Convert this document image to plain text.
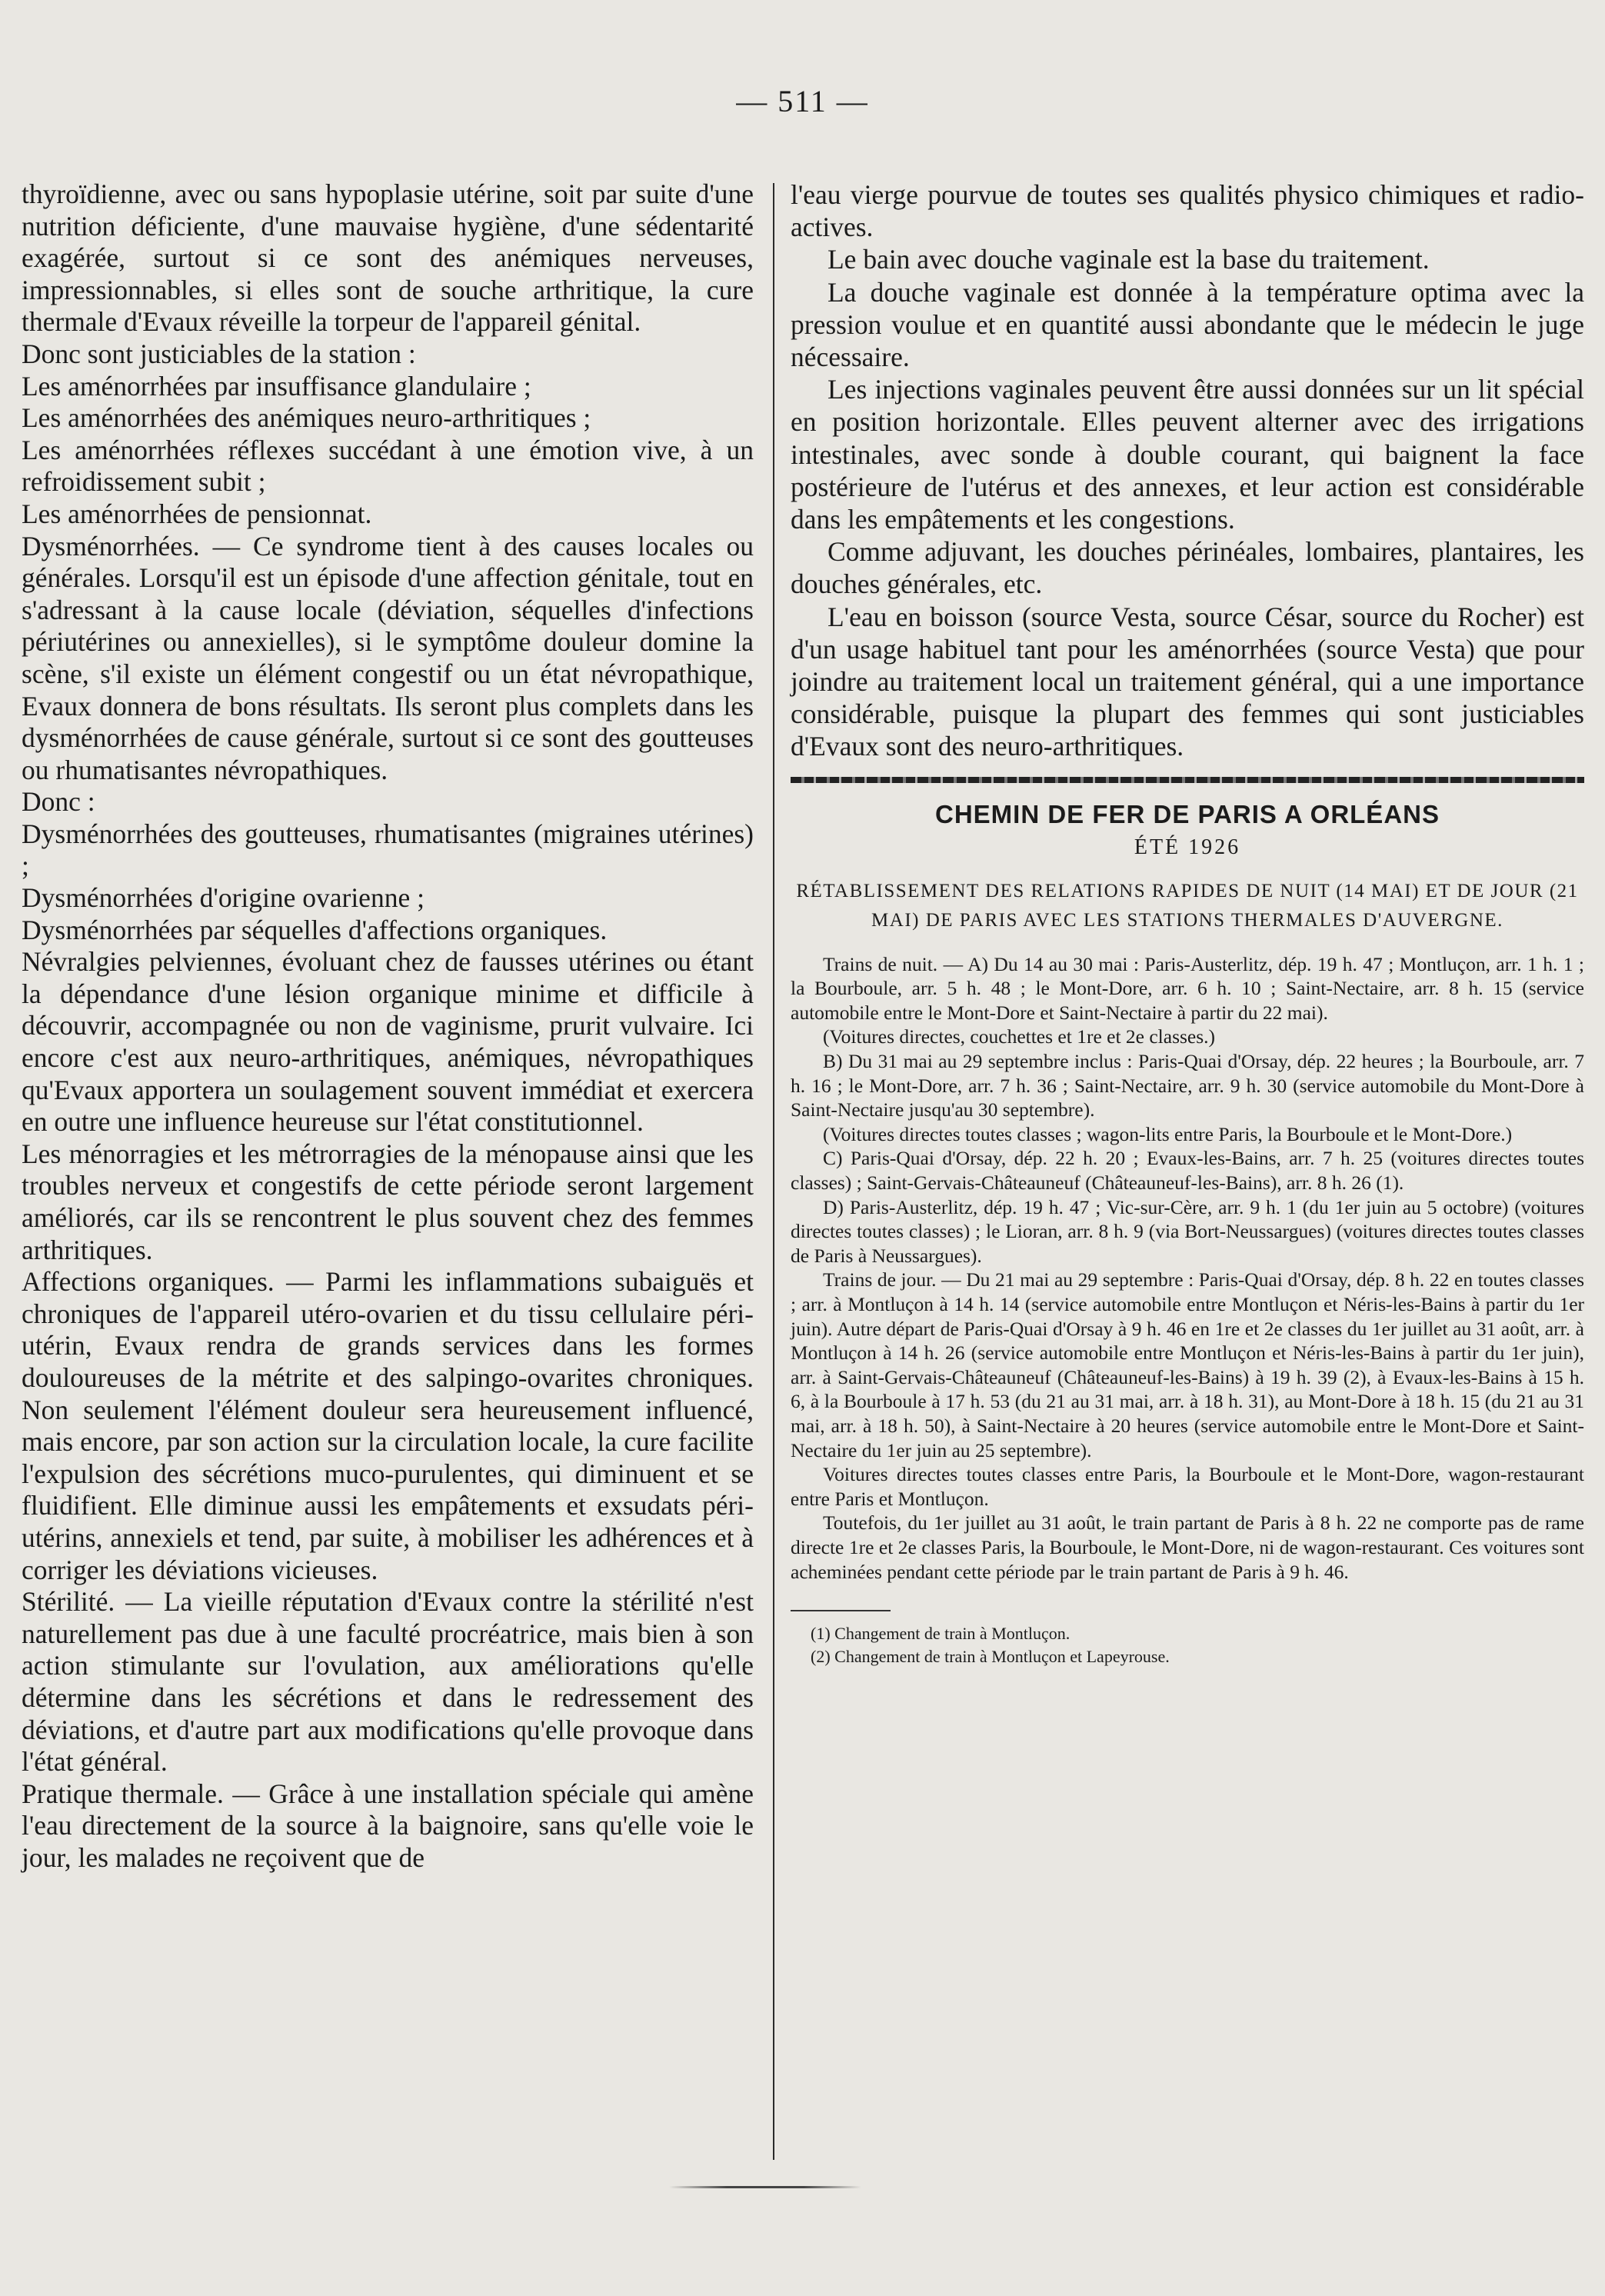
— 511 —

thyroïdienne, avec ou sans hypoplasie utérine, soit par suite d'une nutrition déficiente, d'une mauvaise hygiène, d'une sédentarité exagérée, surtout si ce sont des anémiques nerveuses, impressionnables, si elles sont de souche arthritique, la cure thermale d'Evaux réveille la torpeur de l'appareil génital.

Donc sont justiciables de la station :

Les aménorrhées par insuffisance glandulaire ;

Les aménorrhées des anémiques neuro-arthritiques ;

Les aménorrhées réflexes succédant à une émotion vive, à un refroidissement subit ;

Les aménorrhées de pensionnat.

Dysménorrhées. — Ce syndrome tient à des causes locales ou générales. Lorsqu'il est un épisode d'une affection génitale, tout en s'adressant à la cause locale (déviation, séquelles d'infections périutérines ou annexielles), si le symptôme douleur domine la scène, s'il existe un élément congestif ou un état névropathique, Evaux donnera de bons résultats. Ils seront plus complets dans les dysménorrhées de cause générale, surtout si ce sont des goutteuses ou rhumatisantes névropathiques.

Donc :

Dysménorrhées des goutteuses, rhumatisantes (migraines utérines) ;

Dysménorrhées d'origine ovarienne ;

Dysménorrhées par séquelles d'affections organiques.

Névralgies pelviennes, évoluant chez de fausses utérines ou étant la dépendance d'une lésion organique minime et difficile à découvrir, accompagnée ou non de vaginisme, prurit vulvaire. Ici encore c'est aux neuro-arthritiques, anémiques, névropathiques qu'Evaux apportera un soulagement souvent immédiat et exercera en outre une influence heureuse sur l'état constitutionnel.

Les ménorragies et les métrorragies de la ménopause ainsi que les troubles nerveux et congestifs de cette période seront largement améliorés, car ils se rencontrent le plus souvent chez des femmes arthritiques.

Affections organiques. — Parmi les inflammations subaiguës et chroniques de l'appareil utéro-ovarien et du tissu cellulaire péri-utérin, Evaux rendra de grands services dans les formes douloureuses de la métrite et des salpingo-ovarites chroniques. Non seulement l'élément douleur sera heureusement influencé, mais encore, par son action sur la circulation locale, la cure facilite l'expulsion des sécrétions muco-purulentes, qui diminuent et se fluidifient. Elle diminue aussi les empâtements et exsudats péri-utérins, annexiels et tend, par suite, à mobiliser les adhérences et à corriger les déviations vicieuses.

Stérilité. — La vieille réputation d'Evaux contre la stérilité n'est naturellement pas due à une faculté procréatrice, mais bien à son action stimulante sur l'ovulation, aux améliorations qu'elle détermine dans les sécrétions et dans le redressement des déviations, et d'autre part aux modifications qu'elle provoque dans l'état général.

Pratique thermale. — Grâce à une installation spéciale qui amène l'eau directement de la source à la baignoire, sans qu'elle voie le jour, les malades ne reçoivent que de

l'eau vierge pourvue de toutes ses qualités physico chimiques et radio-actives.

Le bain avec douche vaginale est la base du traitement.

La douche vaginale est donnée à la température optima avec la pression voulue et en quantité aussi abondante que le médecin le juge nécessaire.

Les injections vaginales peuvent être aussi données sur un lit spécial en position horizontale. Elles peuvent alterner avec des irrigations intestinales, avec sonde à double courant, qui baignent la face postérieure de l'utérus et des annexes, et leur action est considérable dans les empâtements et les congestions.

Comme adjuvant, les douches périnéales, lombaires, plantaires, les douches générales, etc.

L'eau en boisson (source Vesta, source César, source du Rocher) est d'un usage habituel tant pour les aménorrhées (source Vesta) que pour joindre au traitement local un traitement général, qui a une importance considérable, puisque la plupart des femmes qui sont justiciables d'Evaux sont des neuro-arthritiques.

CHEMIN DE FER DE PARIS A ORLÉANS
ÉTÉ 1926
RÉTABLISSEMENT DES RELATIONS RAPIDES DE NUIT (14 MAI) ET DE JOUR (21 MAI) DE PARIS AVEC LES STATIONS THERMALES D'AUVERGNE.

Trains de nuit. — A) Du 14 au 30 mai : Paris-Austerlitz, dép. 19 h. 47 ; Montluçon, arr. 1 h. 1 ; la Bourboule, arr. 5 h. 48 ; le Mont-Dore, arr. 6 h. 10 ; Saint-Nectaire, arr. 8 h. 15 (service automobile entre le Mont-Dore et Saint-Nectaire à partir du 22 mai).

(Voitures directes, couchettes et 1re et 2e classes.)

B) Du 31 mai au 29 septembre inclus : Paris-Quai d'Orsay, dép. 22 heures ; la Bourboule, arr. 7 h. 16 ; le Mont-Dore, arr. 7 h. 36 ; Saint-Nectaire, arr. 9 h. 30 (service automobile du Mont-Dore à Saint-Nectaire jusqu'au 30 septembre).

(Voitures directes toutes classes ; wagon-lits entre Paris, la Bourboule et le Mont-Dore.)

C) Paris-Quai d'Orsay, dép. 22 h. 20 ; Evaux-les-Bains, arr. 7 h. 25 (voitures directes toutes classes) ; Saint-Gervais-Châteauneuf (Châteauneuf-les-Bains), arr. 8 h. 26 (1).

D) Paris-Austerlitz, dép. 19 h. 47 ; Vic-sur-Cère, arr. 9 h. 1 (du 1er juin au 5 octobre) (voitures directes toutes classes) ; le Lioran, arr. 8 h. 9 (via Bort-Neussargues) (voitures directes toutes classes de Paris à Neussargues).

Trains de jour. — Du 21 mai au 29 septembre : Paris-Quai d'Orsay, dép. 8 h. 22 en toutes classes ; arr. à Montluçon à 14 h. 14 (service automobile entre Montluçon et Néris-les-Bains à partir du 1er juin). Autre départ de Paris-Quai d'Orsay à 9 h. 46 en 1re et 2e classes du 1er juillet au 31 août, arr. à Montluçon à 14 h. 26 (service automobile entre Montluçon et Néris-les-Bains à partir du 1er juin), arr. à Saint-Gervais-Châteauneuf (Châteauneuf-les-Bains) à 19 h. 39 (2), à Evaux-les-Bains à 15 h. 6, à la Bourboule à 17 h. 53 (du 21 au 31 mai, arr. à 18 h. 31), au Mont-Dore à 18 h. 15 (du 21 au 31 mai, arr. à 18 h. 50), à Saint-Nectaire à 20 heures (service automobile entre le Mont-Dore et Saint-Nectaire du 1er juin au 25 septembre).

Voitures directes toutes classes entre Paris, la Bourboule et le Mont-Dore, wagon-restaurant entre Paris et Montluçon.

Toutefois, du 1er juillet au 31 août, le train partant de Paris à 8 h. 22 ne comporte pas de rame directe 1re et 2e classes Paris, la Bourboule, le Mont-Dore, ni de wagon-restaurant. Ces voitures sont acheminées pendant cette période par le train partant de Paris à 9 h. 46.

(1) Changement de train à Montluçon.

(2) Changement de train à Montluçon et Lapeyrouse.
